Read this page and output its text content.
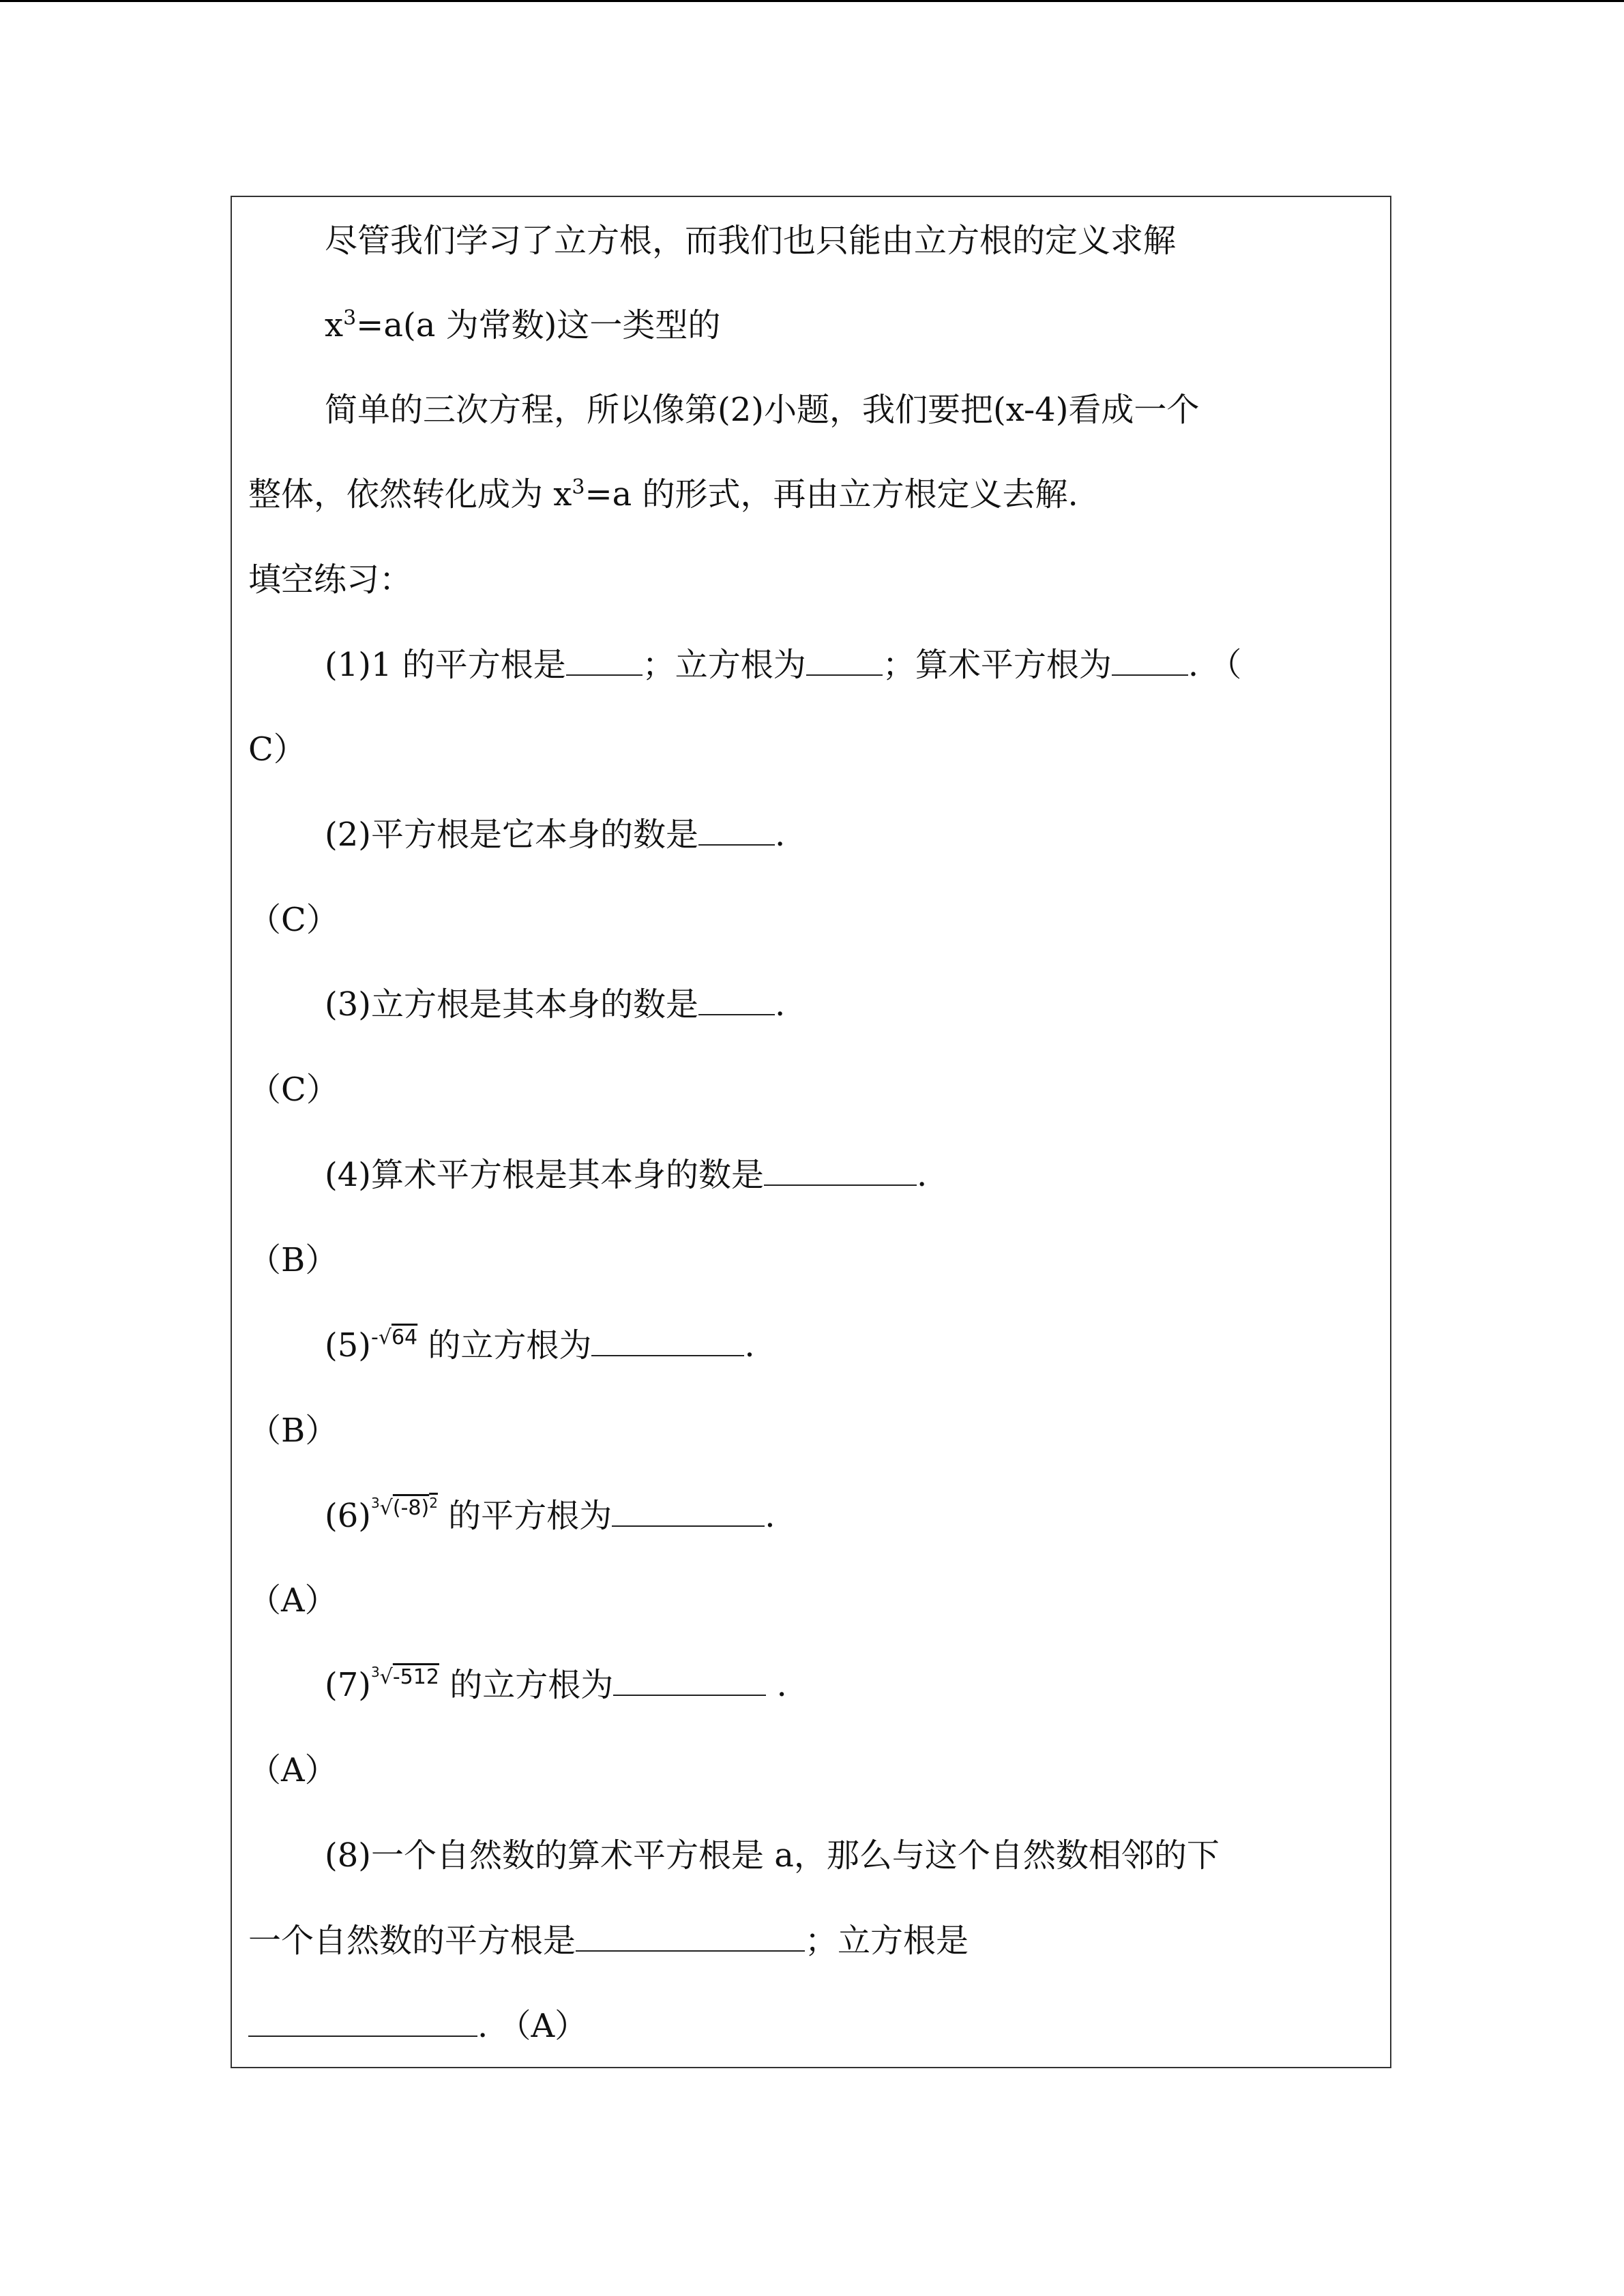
尽管我们学习了立方根，而我们也只能由立方根的定义求解
$x^3=a(a$ 为常数)这一类型的
简单的三次方程，所以像第(2)小题，我们要把(x-4)看成一个
整体，依然转化成为 $x^3=a$ 的形式，再由立方根定义去解.
填空练习：
(1)1 的平方根是 ；立方根为 ；算术平方根为 . （
C）
(2)平方根是它本身的数是 .
（C）
(3)立方根是其本身的数是 .
（C）
(4)算术平方根是其本身的数是	.
（B）
(5)-√64 的立方根为	.
（B）
$(6)^3√(-8)^2$ 的平方根为	.
（A）
$(7)^3√-512$ 的立方根为	.
（A）
(8)一个自然数的算术平方根是 a，那么与这个自然数相邻的下
一个自然数的平方根是	；立方根是
. （A）
